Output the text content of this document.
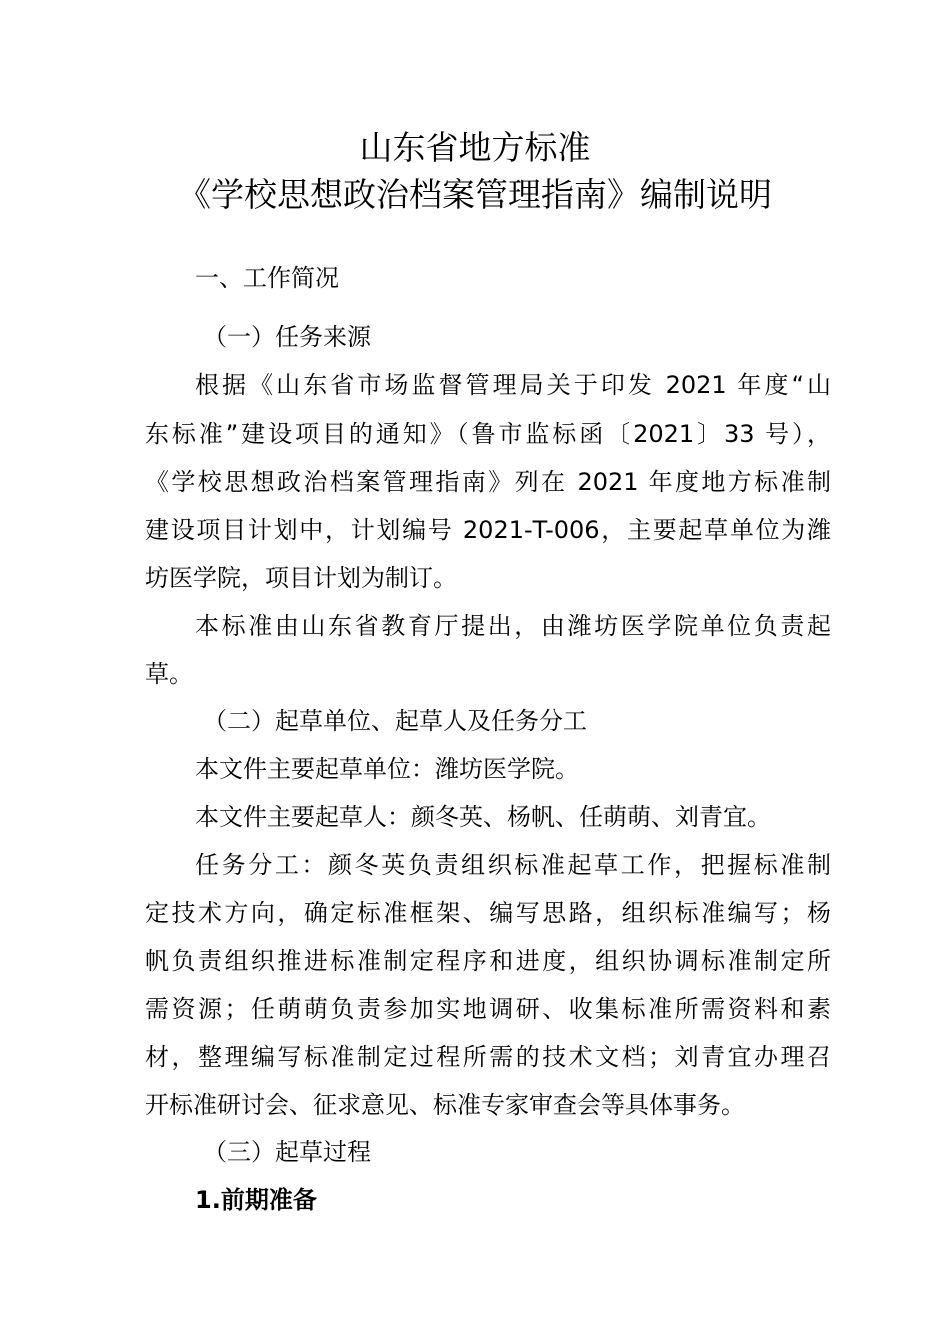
山东省地方标准
《学校思想政治档案管理指南》编制说明
一、工作简况
（一）任务来源
根据《山东省市场监督管理局关于印发 2021 年度“山
东标准”建设项目的通知》（鲁市监标函〔2021〕33 号），
《学校思想政治档案管理指南》列在 2021 年度地方标准制
建设项目计划中，计划编号 2021-T-006，主要起草单位为潍
坊医学院，项目计划为制订。
本标准由山东省教育厅提出，由潍坊医学院单位负责起
草。
（二）起草单位、起草人及任务分工
本文件主要起草单位：潍坊医学院。
本文件主要起草人：颜冬英、杨帆、任萌萌、刘青宜。
任务分工：颜冬英负责组织标准起草工作，把握标准制
定技术方向，确定标准框架、编写思路，组织标准编写；杨
帆负责组织推进标准制定程序和进度，组织协调标准制定所
需资源；任萌萌负责参加实地调研、收集标准所需资料和素
材，整理编写标准制定过程所需的技术文档；刘青宜办理召
开标准研讨会、征求意见、标准专家审查会等具体事务。
（三）起草过程
1.前期准备
